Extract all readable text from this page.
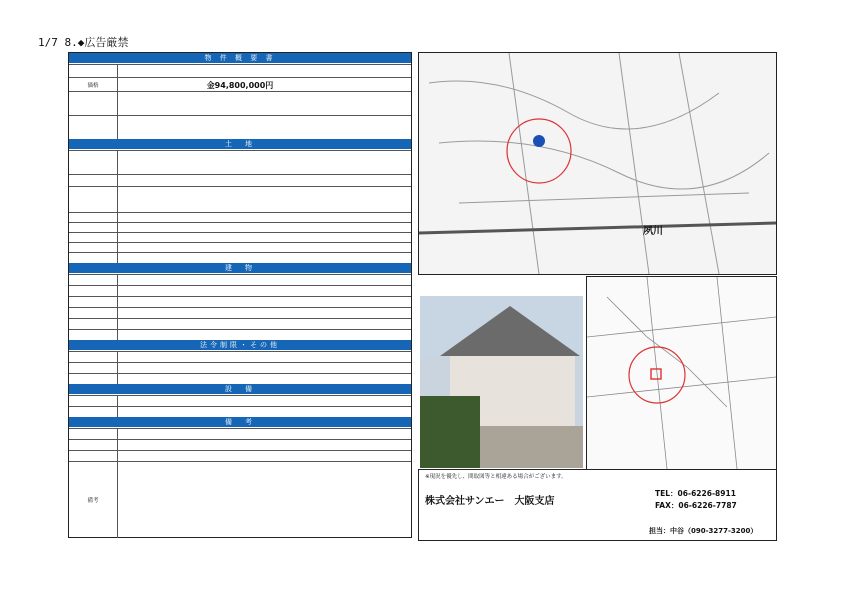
1/7 8.◆広告厳禁
物 件 概 要 書
価格	金94,800,000円
土　地
建　物
法令制限・その他
設　備
備　考
備考
夙川
※現況を優先し、間取図等と相違ある場合がございます。
株式会社サンエー　大阪支店
TEL：06-6226-8911
FAX：06-6226-7787
担当：中谷（090-3277-3200）
